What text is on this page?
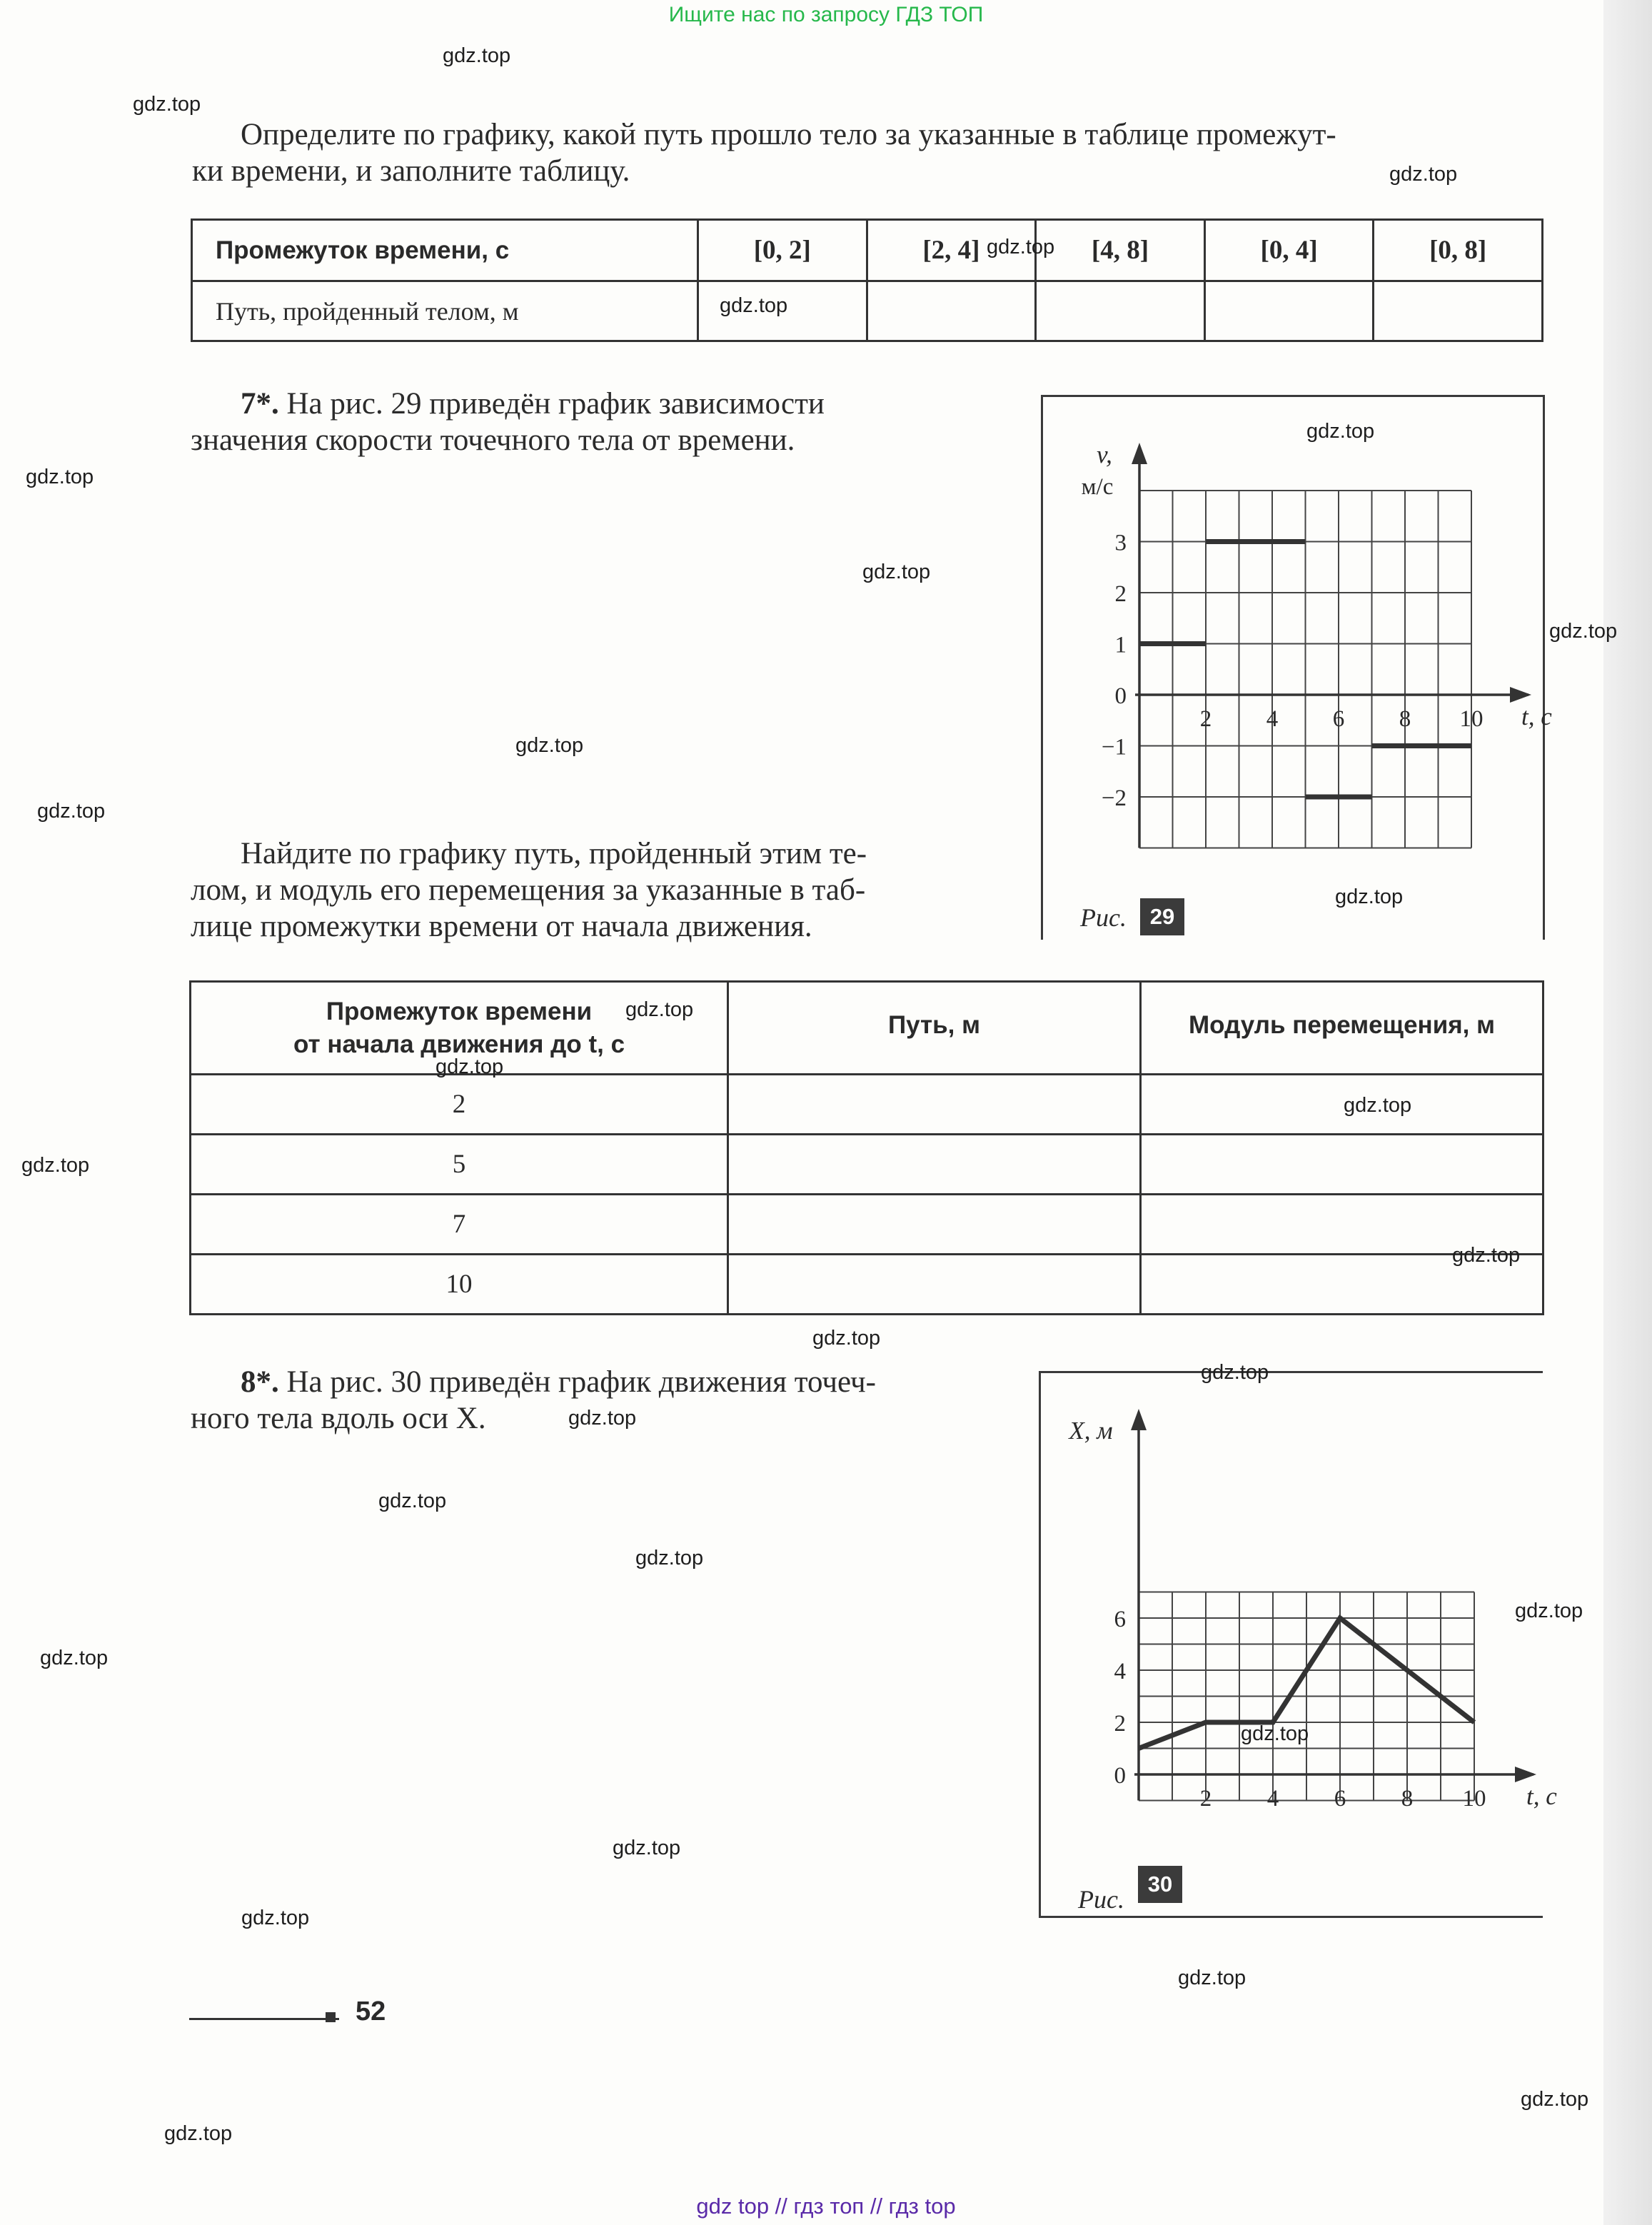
Ищите нас по запросу ГДЗ ТОП
Определите по графику, какой путь прошло тело за указанные в таблице промежут-
ки времени, и заполните таблицу.
Промежуток времени, с	[0, 2]	[2, 4]	[4, 8]	[0, 4]	[0, 8]
Путь, пройденный телом, м					
7*. На рис. 29 приведён график зависимости
значения скорости точечного тела от времени.
2 4 6 8 10
−2
−1
0
1
2
3
t, с
v,
м/с
Рис.	29
Найдите по графику путь, пройденный этим те-
лом, и модуль его перемещения за указанные в таб-
лице промежутки времени от начала движения.
Промежуток времени
от начала движения до t, с	Путь, м	Модуль перемещения, м
2		
5		
7		
10		
8*. На рис. 30 приведён график движения точеч-
ного тела вдоль оси X.
2 4 6 8 10
0
2
4
6
t, с
X, м
Рис.
30
52
gdz.top
gdz.top
gdz.top
gdz.top
gdz.top
gdz.top
gdz.top
gdz.top
gdz.top
gdz.top
gdz.top
gdz.top
gdz.top
gdz.top
gdz.top
gdz.top
gdz.top
gdz.top
gdz.top
gdz.top
gdz.top
gdz.top
gdz.top
gdz.top
gdz.top
gdz.top
gdz.top
gdz.top
gdz.top
gdz.top
gdz top // гдз топ // гдз top
